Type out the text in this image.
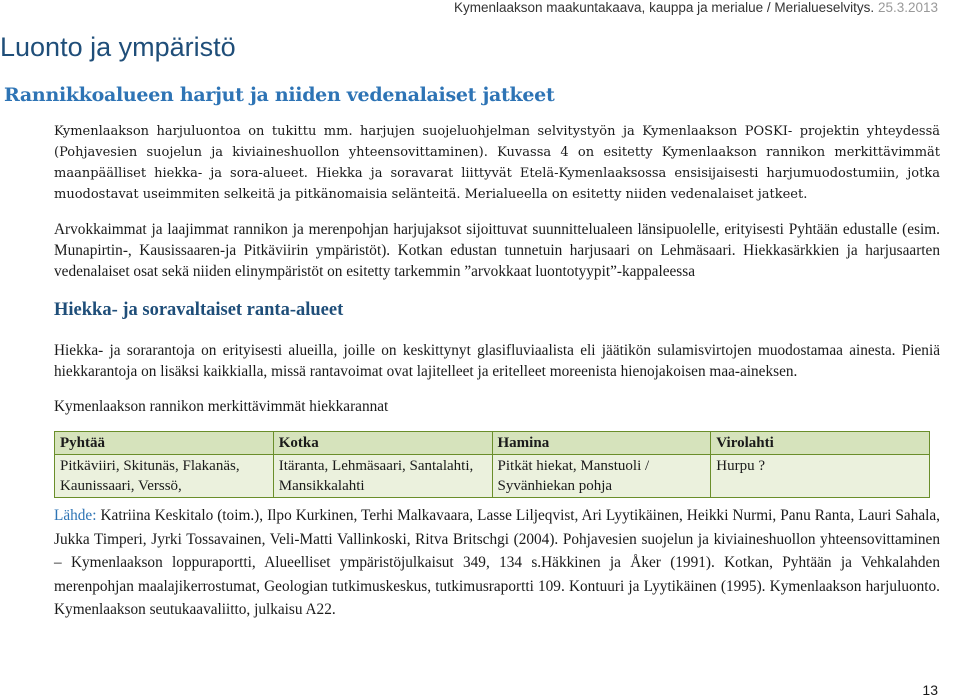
Kymenlaakson maakuntakaava, kauppa ja merialue / Merialueselvitys. 25.3.2013
Luonto ja ympäristö
Rannikkoalueen harjut ja niiden vedenalaiset jatkeet
Kymenlaakson harjuluontoa on tukittu mm. harjujen suojeluohjelman selvitystyön ja Kymenlaakson POSKI- projektin yhteydessä (Pohjavesien suojelun ja kiviaineshuollon yhteensovittaminen). Kuvassa 4 on esitetty Kymenlaakson rannikon merkittävimmät maanpäälliset hiekka- ja sora-alueet. Hiekka ja soravarat liittyvät Etelä-Kymenlaaksossa ensisijaisesti harjumuodostumiin, jotka muodostavat useimmiten selkeitä ja pitkänomaisia selänteitä. Merialueella on esitetty niiden vedenalaiset jatkeet.
Arvokkaimmat ja laajimmat rannikon ja merenpohjan harjujaksot sijoittuvat suunnittelualeen länsipuolelle, erityisesti Pyhtään edustalle (esim. Munapirtin-, Kausissaaren-ja Pitkäviirin ympäristöt). Kotkan edustan tunnetuin harjusaari on Lehmäsaari. Hiekkasärkkien ja harjusaarten vedenalaiset osat sekä niiden elinympäristöt on esitetty tarkemmin ”arvokkaat luontotyypit”-kappaleessa
Hiekka- ja soravaltaiset ranta-alueet
Hiekka- ja sorarantoja on erityisesti alueilla, joille on keskittynyt glasifluviaalista eli jäätikön sulamisvirtojen muodostamaa ainesta. Pieniä hiekkarantoja on lisäksi kaikkialla, missä rantavoimat ovat lajitelleet ja eritelleet moreenista hienojakoisen maa-aineksen.
Kymenlaakson rannikon merkittävimmät hiekkarannat
Pyhtää	Kotka	Hamina	Virolahti
Pitkäviiri, Skitunäs, Flakanäs, Kaunissaari, Verssö,	Itäranta, Lehmäsaari, Santalahti, Mansikkalahti	Pitkät hiekat, Manstuoli / Syvänhiekan pohja	Hurpu ?
Lähde: Katriina Keskitalo (toim.), Ilpo Kurkinen, Terhi Malkavaara, Lasse Liljeqvist, Ari Lyytikäinen, Heikki Nurmi, Panu Ranta, Lauri Sahala, Jukka Timperi, Jyrki Tossavainen, Veli-Matti Vallinkoski, Ritva Britschgi (2004). Pohjavesien suojelun ja kiviaineshuollon yhteensovittaminen – Kymenlaakson loppuraportti, Alueelliset ympäristöjulkaisut 349, 134 s.Häkkinen ja Åker (1991). Kotkan, Pyhtään ja Vehkalahden merenpohjan maalajikerrostumat, Geologian tutkimuskeskus, tutkimusraportti 109. Kontuuri ja Lyytikäinen (1995). Kymenlaakson harjuluonto. Kymenlaakson seutukaavaliitto, julkaisu A22.
13
